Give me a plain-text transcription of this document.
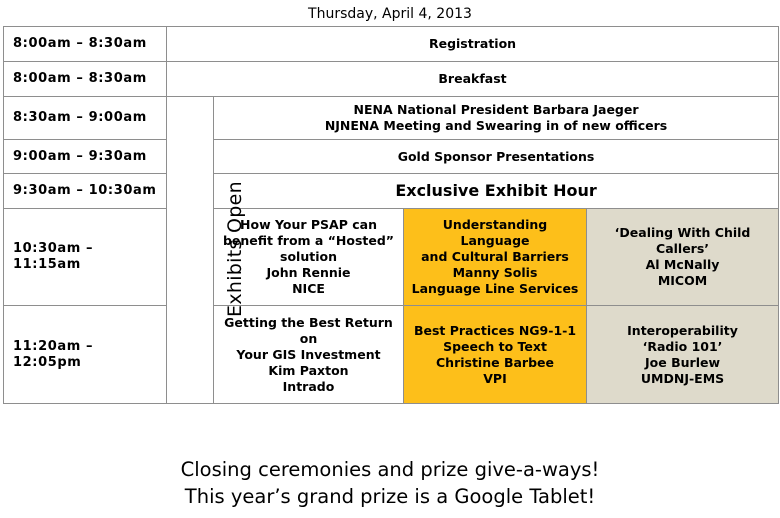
Thursday, April 4, 2013
8:00am – 8:30am	Registration			

8:00am – 8:30am	Breakfast			

8:30am – 9:00am	Exhibits Open	NENA National President Barbara Jaeger
NJNENA Meeting and Swearing in of new officers		

9:00am – 9:30am		Gold Sponsor Presentations		

9:30am – 10:30am		Exclusive Exhibit Hour		

10:30am – 11:15am		How Your PSAP can
benefit from a “Hosted”
solution
John Rennie
NICE	Understanding Language
and Cultural Barriers
Manny Solis
Language Line Services	‘Dealing With Child
Callers’
Al McNally
MICOM

11:20am – 12:05pm		Getting the Best Return on
Your GIS Investment
Kim Paxton
Intrado	Best Practices NG9-1-1
Speech to Text
Christine Barbee
VPI	Interoperability
‘Radio 101’
Joe Burlew
UMDNJ-EMS
Closing ceremonies and prize give-a-ways!
This year’s grand prize is a Google Tablet!
